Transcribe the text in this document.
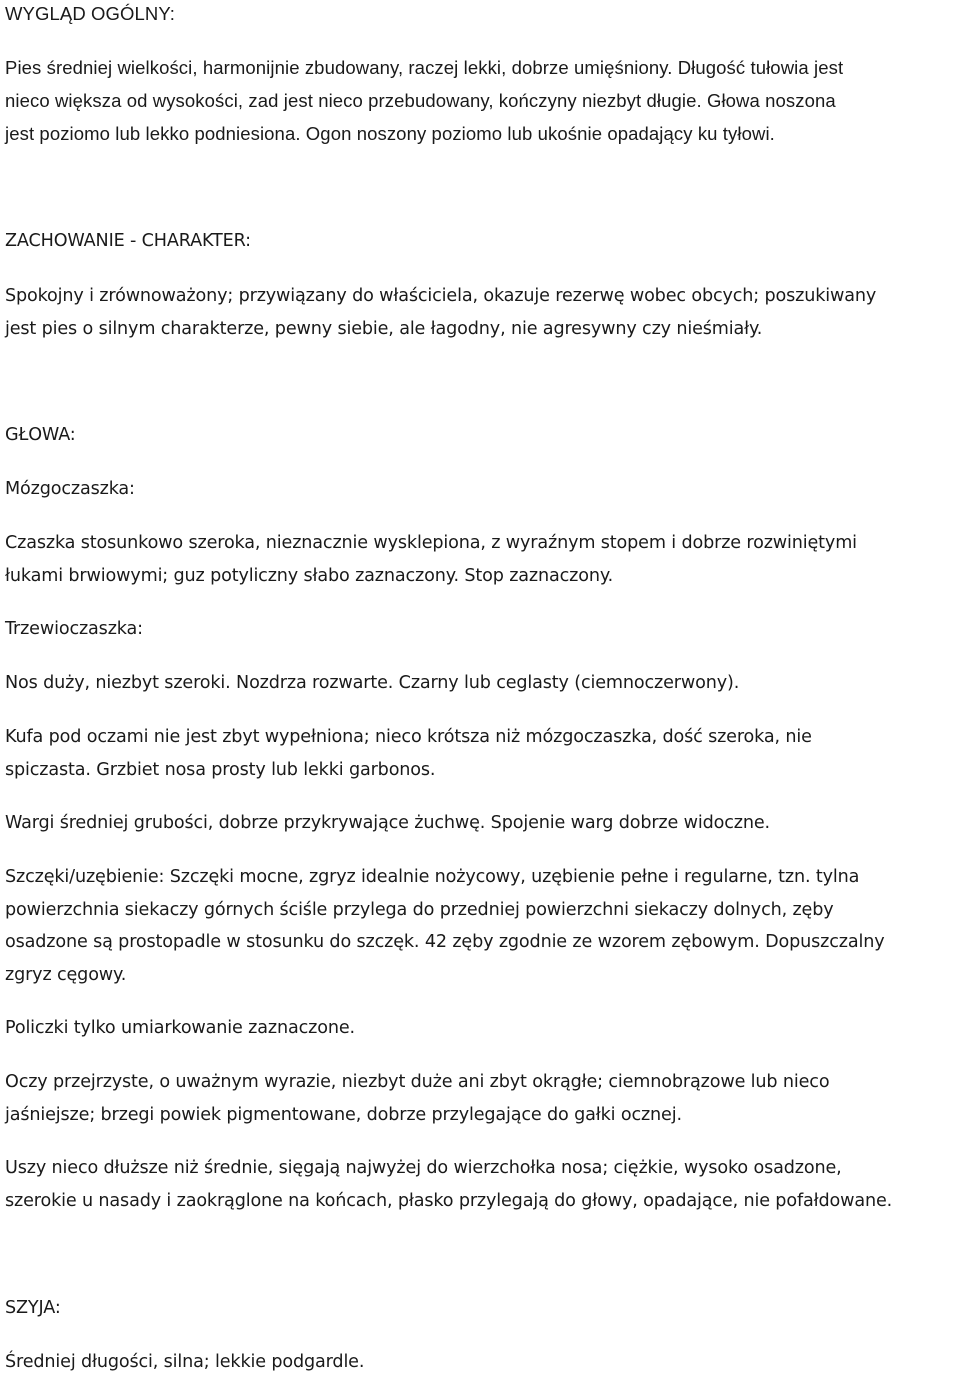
WYGLĄD OGÓLNY:

Pies średniej wielkości, harmonijnie zbudowany, raczej lekki, dobrze umięśniony. Długość tułowia jest

nieco większa od wysokości, zad jest nieco przebudowany, kończyny niezbyt długie. Głowa noszona

jest poziomo lub lekko podniesiona. Ogon noszony poziomo lub ukośnie opadający ku tyłowi.

ZACHOWANIE - CHARAKTER:

Spokojny i zrównoważony; przywiązany do właściciela, okazuje rezerwę wobec obcych; poszukiwany

jest pies o silnym charakterze, pewny siebie, ale łagodny, nie agresywny czy nieśmiały.

GŁOWA:

Mózgoczaszka:

Czaszka stosunkowo szeroka, nieznacznie wysklepiona, z wyraźnym stopem i dobrze rozwiniętymi

łukami brwiowymi; guz potyliczny słabo zaznaczony. Stop zaznaczony.

Trzewioczaszka:

Nos duży, niezbyt szeroki. Nozdrza rozwarte. Czarny lub ceglasty (ciemnoczerwony).

Kufa pod oczami nie jest zbyt wypełniona; nieco krótsza niż mózgoczaszka, dość szeroka, nie

spiczasta. Grzbiet nosa prosty lub lekki garbonos.

Wargi średniej grubości, dobrze przykrywające żuchwę. Spojenie warg dobrze widoczne.

Szczęki/uzębienie: Szczęki mocne, zgryz idealnie nożycowy, uzębienie pełne i regularne, tzn. tylna

powierzchnia siekaczy górnych ściśle przylega do przedniej powierzchni siekaczy dolnych, zęby

osadzone są prostopadle w stosunku do szczęk. 42 zęby zgodnie ze wzorem zębowym. Dopuszczalny

zgryz cęgowy.

Policzki tylko umiarkowanie zaznaczone.

Oczy przejrzyste, o uważnym wyrazie, niezbyt duże ani zbyt okrągłe; ciemnobrązowe lub nieco

jaśniejsze; brzegi powiek pigmentowane, dobrze przylegające do gałki ocznej.

Uszy nieco dłuższe niż średnie, sięgają najwyżej do wierzchołka nosa; ciężkie, wysoko osadzone,

szerokie u nasady i zaokrąglone na końcach, płasko przylegają do głowy, opadające, nie pofałdowane.

SZYJA:

Średniej długości, silna; lekkie podgardle.
